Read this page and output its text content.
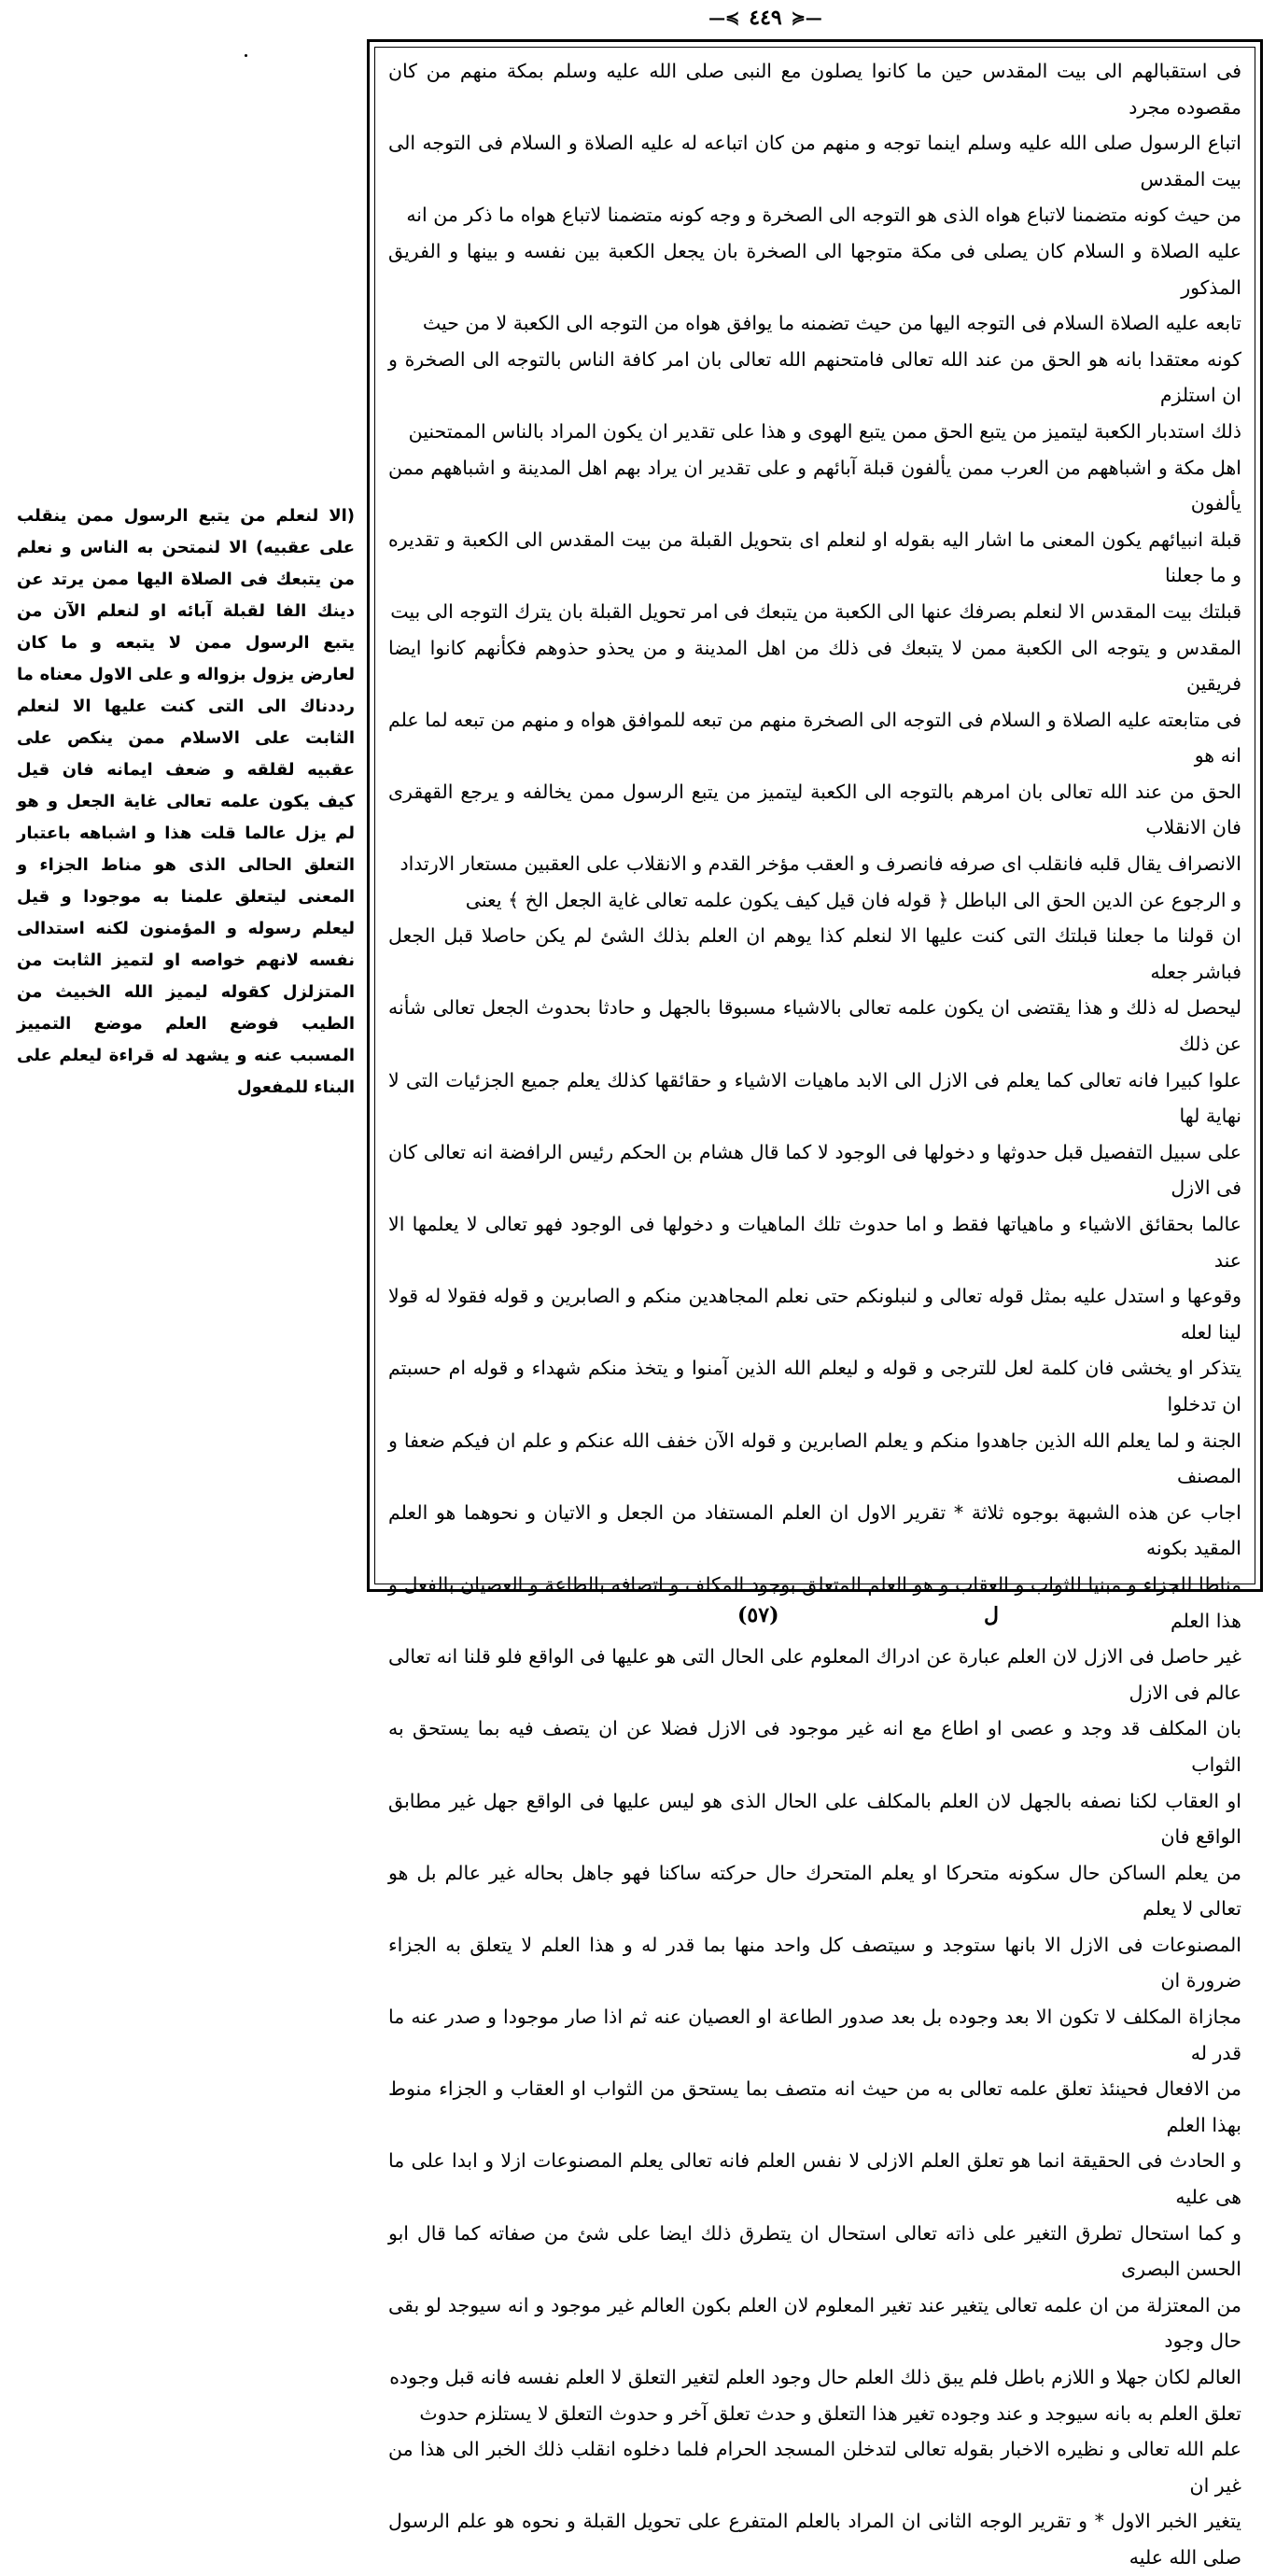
—≼ ٤٤٩ ≽—

فى استقبالهم الى بيت المقدس حين ما كانوا يصلون مع النبى صلى الله عليه وسلم بمكة منهم من كان مقصوده مجرد

اتباع الرسول صلى الله عليه وسلم اينما توجه و منهم من كان اتباعه له عليه الصلاة و السلام فى التوجه الى بيت المقدس

من حيث كونه متضمنا لاتباع هواه الذى هو التوجه الى الصخرة و وجه كونه متضمنا لاتباع هواه ما ذكر من انه

عليه الصلاة و السلام كان يصلى فى مكة متوجها الى الصخرة بان يجعل الكعبة بين نفسه و بينها و الفريق المذكور

تابعه عليه الصلاة السلام فى التوجه اليها من حيث تضمنه ما يوافق هواه من التوجه الى الكعبة لا من حيث

كونه معتقدا بانه هو الحق من عند الله تعالى فامتحنهم الله تعالى بان امر كافة الناس بالتوجه الى الصخرة و ان استلزم

ذلك استدبار الكعبة ليتميز من يتبع الحق ممن يتبع الهوى و هذا على تقدير ان يكون المراد بالناس الممتحنين

اهل مكة و اشباههم من العرب ممن يألفون قبلة آبائهم و على تقدير ان يراد بهم اهل المدينة و اشباههم ممن يألفون

قبلة انبيائهم يكون المعنى ما اشار اليه بقوله او لنعلم اى بتحويل القبلة من بيت المقدس الى الكعبة و تقديره و ما جعلنا

قبلتك بيت المقدس الا لنعلم بصرفك عنها الى الكعبة من يتبعك فى امر تحويل القبلة بان يترك التوجه الى بيت

المقدس و يتوجه الى الكعبة ممن لا يتبعك فى ذلك من اهل المدينة و من يحذو حذوهم فكأنهم كانوا ايضا فريقين

فى متابعته عليه الصلاة و السلام فى التوجه الى الصخرة منهم من تبعه للموافق هواه و منهم من تبعه لما علم انه هو

الحق من عند الله تعالى بان امرهم بالتوجه الى الكعبة ليتميز من يتبع الرسول ممن يخالفه و يرجع القهقرى فان الانقلاب

الانصراف يقال قلبه فانقلب اى صرفه فانصرف و العقب مؤخر القدم و الانقلاب على العقبين مستعار الارتداد

و الرجوع عن الدين الحق الى الباطل ﴿ قوله فان قيل كيف يكون علمه تعالى غاية الجعل الخ ﴾ يعنى

ان قولنا ما جعلنا قبلتك التى كنت عليها الا لنعلم كذا يوهم ان العلم بذلك الشئ لم يكن حاصلا قبل الجعل فباشر جعله

ليحصل له ذلك و هذا يقتضى ان يكون علمه تعالى بالاشياء مسبوقا بالجهل و حادثا بحدوث الجعل تعالى شأنه عن ذلك

علوا كبيرا فانه تعالى كما يعلم فى الازل الى الابد ماهيات الاشياء و حقائقها كذلك يعلم جميع الجزئيات التى لا نهاية لها

على سبيل التفصيل قبل حدوثها و دخولها فى الوجود لا كما قال هشام بن الحكم رئيس الرافضة انه تعالى كان فى الازل

عالما بحقائق الاشياء و ماهياتها فقط و اما حدوث تلك الماهيات و دخولها فى الوجود فهو تعالى لا يعلمها الا عند

وقوعها و استدل عليه بمثل قوله تعالى و لنبلونكم حتى نعلم المجاهدين منكم و الصابرين و قوله فقولا له قولا لينا لعله

يتذكر او يخشى فان كلمة لعل للترجى و قوله و ليعلم الله الذين آمنوا و يتخذ منكم شهداء و قوله ام حسبتم ان تدخلوا

الجنة و لما يعلم الله الذين جاهدوا منكم و يعلم الصابرين و قوله الآن خفف الله عنكم و علم ان فيكم ضعفا و المصنف

اجاب عن هذه الشبهة بوجوه ثلاثة * تقرير الاول ان العلم المستفاد من الجعل و الاتيان و نحوهما هو العلم المقيد بكونه

مناطا للجزاء و مبنيا للثواب و العقاب و هو العلم المتعلق بوجود المكلف و اتصافه بالطاعة و العصيان بالفعل و هذا العلم

غير حاصل فى الازل لان العلم عبارة عن ادراك المعلوم على الحال التى هو عليها فى الواقع فلو قلنا انه تعالى عالم فى الازل

بان المكلف قد وجد و عصى او اطاع مع انه غير موجود فى الازل فضلا عن ان يتصف فيه بما يستحق به الثواب

او العقاب لكنا نصفه بالجهل لان العلم بالمكلف على الحال الذى هو ليس عليها فى الواقع جهل غير مطابق الواقع فان

من يعلم الساكن حال سكونه متحركا او يعلم المتحرك حال حركته ساكنا فهو جاهل بحاله غير عالم بل هو تعالى لا يعلم

المصنوعات فى الازل الا بانها ستوجد و سيتصف كل واحد منها بما قدر له و هذا العلم لا يتعلق به الجزاء ضرورة ان

مجازاة المكلف لا تكون الا بعد وجوده بل بعد صدور الطاعة او العصيان عنه ثم اذا صار موجودا و صدر عنه ما قدر له

من الافعال فحينئذ تعلق علمه تعالى به من حيث انه متصف بما يستحق من الثواب او العقاب و الجزاء منوط بهذا العلم

و الحادث فى الحقيقة انما هو تعلق العلم الازلى لا نفس العلم فانه تعالى يعلم المصنوعات ازلا و ابدا على ما هى عليه

و كما استحال تطرق التغير على ذاته تعالى استحال ان يتطرق ذلك ايضا على شئ من صفاته كما قال ابو الحسن البصرى

من المعتزلة من ان علمه تعالى يتغير عند تغير المعلوم لان العلم بكون العالم غير موجود و انه سيوجد لو بقى حال وجود

العالم لكان جهلا و اللازم باطل فلم يبق ذلك العلم حال وجود العلم لتغير التعلق لا العلم نفسه فانه قبل وجوده

تعلق العلم به بانه سيوجد و عند وجوده تغير هذا التعلق و حدث تعلق آخر و حدوث التعلق لا يستلزم حدوث

علم الله تعالى و نظيره الاخبار بقوله تعالى لتدخلن المسجد الحرام فلما دخلوه انقلب ذلك الخبر الى هذا من غير ان

يتغير الخبر الاول * و تقرير الوجه الثانى ان المراد بالعلم المتفرع على تحويل القبلة و نحوه هو علم الرسول صلى الله عليه

(الا لنعلم من يتبع الرسول ممن ينقلب على عقبيه) الا لنمتحن به الناس و نعلم من يتبعك فى الصلاة اليها ممن يرتد عن دينك الفا لقبلة آبائه او لنعلم الآن من يتبع الرسول ممن لا يتبعه و ما كان لعارض يزول بزواله و على الاول معناه ما رددناك الى التى كنت عليها الا لنعلم الثابت على الاسلام ممن ينكص على عقبيه لقلقه و ضعف ايمانه فان قيل كيف يكون علمه تعالى غاية الجعل و هو لم يزل عالما قلت هذا و اشباهه باعتبار التعلق الحالى الذى هو مناط الجزاء و المعنى ليتعلق علمنا به موجودا و قيل ليعلم رسوله و المؤمنون لكنه استدالى نفسه لانهم خواصه او لتميز الثابت من المتزلزل كقوله ليميز الله الخبيث من الطيب فوضع العلم موضع التمييز المسبب عنه و يشهد له قراءة ليعلم على البناء للمفعول
(٥٧)	ل
